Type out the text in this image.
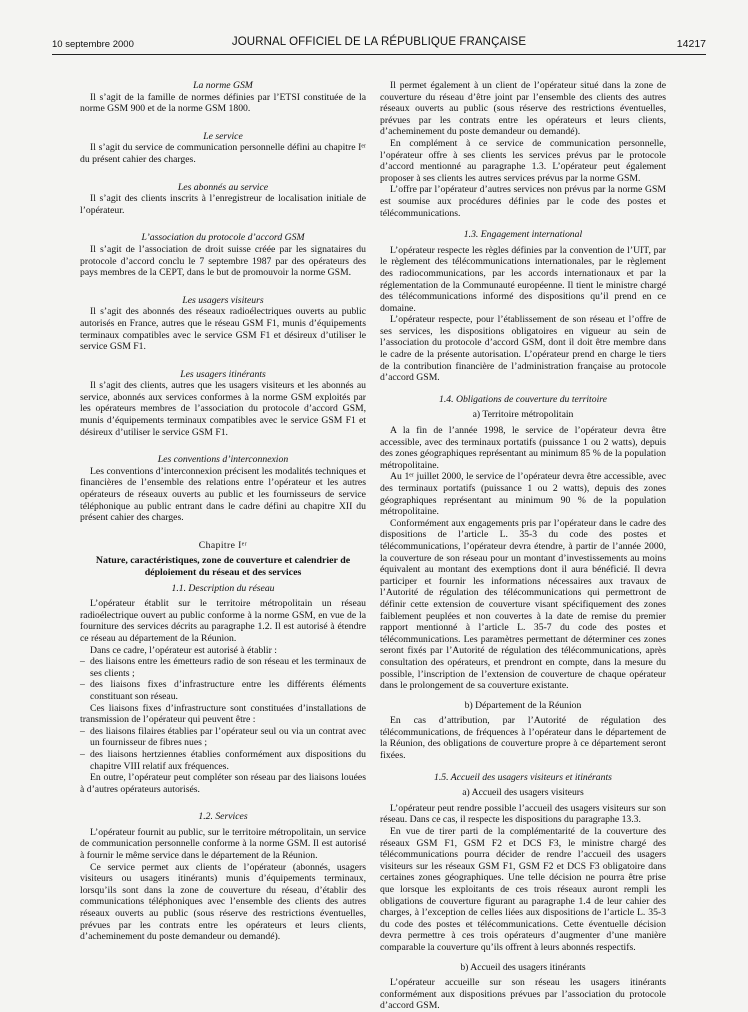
10 septembre 2000	JOURNAL OFFICIEL DE LA RÉPUBLIQUE FRANÇAISE	14217
La norme GSM

Il s’agit de la famille de normes définies par l’ETSI constituée de la norme GSM 900 et de la norme GSM 1800.

Le service

Il s’agit du service de communication personnelle défini au chapitre Iᵉʳ du présent cahier des charges.

Les abonnés au service

Il s’agit des clients inscrits à l’enregistreur de localisation initiale de l’opérateur.

L’association du protocole d’accord GSM

Il s’agit de l’association de droit suisse créée par les signataires du protocole d’accord conclu le 7 septembre 1987 par des opérateurs des pays membres de la CEPT, dans le but de promouvoir la norme GSM.

Les usagers visiteurs

Il s’agit des abonnés des réseaux radioélectriques ouverts au public autorisés en France, autres que le réseau GSM F1, munis d’équipements terminaux compatibles avec le service GSM F1 et désireux d’utiliser le service GSM F1.

Les usagers itinérants

Il s’agit des clients, autres que les usagers visiteurs et les abonnés au service, abonnés aux services conformes à la norme GSM exploités par les opérateurs membres de l’association du protocole d’accord GSM, munis d’équipements terminaux compatibles avec le service GSM F1 et désireux d’utiliser le service GSM F1.

Les conventions d’interconnexion

Les conventions d’interconnexion précisent les modalités techniques et financières de l’ensemble des relations entre l’opérateur et les autres opérateurs de réseaux ouverts au public et les fournisseurs de service téléphonique au public entrant dans le cadre défini au chapitre XII du présent cahier des charges.

Chapitre Iᵉʳ
Nature, caractéristiques, zone de couverture et calendrier de déploiement du réseau et des services
1.1. Description du réseau

L’opérateur établit sur le territoire métropolitain un réseau radioélectrique ouvert au public conforme à la norme GSM, en vue de la fourniture des services décrits au paragraphe 1.2. Il est autorisé à étendre ce réseau au département de la Réunion.

Dans ce cadre, l’opérateur est autorisé à établir :

– des liaisons entre les émetteurs radio de son réseau et les terminaux de ses clients ;
– des liaisons fixes d’infrastructure entre les différents éléments constituant son réseau.

Ces liaisons fixes d’infrastructure sont constituées d’installations de transmission de l’opérateur qui peuvent être :

– des liaisons filaires établies par l’opérateur seul ou via un contrat avec un fournisseur de fibres nues ;
– des liaisons hertziennes établies conformément aux dispositions du chapitre VIII relatif aux fréquences.

En outre, l’opérateur peut compléter son réseau par des liaisons louées à d’autres opérateurs autorisés.

1.2. Services

L’opérateur fournit au public, sur le territoire métropolitain, un service de communication personnelle conforme à la norme GSM. Il est autorisé à fournir le même service dans le département de la Réunion.

Ce service permet aux clients de l’opérateur (abonnés, usagers visiteurs ou usagers itinérants) munis d’équipements terminaux, lorsqu’ils sont dans la zone de couverture du réseau, d’établir des communications téléphoniques avec l’ensemble des clients des autres réseaux ouverts au public (sous réserve des restrictions éventuelles, prévues par les contrats entre les opérateurs et leurs clients, d’acheminement du poste demandeur ou demandé).

Il permet également à un client de l’opérateur situé dans la zone de couverture du réseau d’être joint par l’ensemble des clients des autres réseaux ouverts au public (sous réserve des restrictions éventuelles, prévues par les contrats entre les opérateurs et leurs clients, d’acheminement du poste demandeur ou demandé).

En complément à ce service de communication personnelle, l’opérateur offre à ses clients les services prévus par le protocole d’accord mentionné au paragraphe 1.3. L’opérateur peut également proposer à ses clients les autres services prévus par la norme GSM.

L’offre par l’opérateur d’autres services non prévus par la norme GSM est soumise aux procédures définies par le code des postes et télécommunications.

1.3. Engagement international

L’opérateur respecte les règles définies par la convention de l’UIT, par le règlement des télécommunications internationales, par le règlement des radiocommunications, par les accords internationaux et par la réglementation de la Communauté européenne. Il tient le ministre chargé des télécommunications informé des dispositions qu’il prend en ce domaine.

L’opérateur respecte, pour l’établissement de son réseau et l’offre de ses services, les dispositions obligatoires en vigueur au sein de l’association du protocole d’accord GSM, dont il doit être membre dans le cadre de la présente autorisation. L’opérateur prend en charge le tiers de la contribution financière de l’administration française au protocole d’accord GSM.

1.4. Obligations de couverture du territoire
a) Territoire métropolitain

A la fin de l’année 1998, le service de l’opérateur devra être accessible, avec des terminaux portatifs (puissance 1 ou 2 watts), depuis des zones géographiques représentant au minimum 85 % de la population métropolitaine.

Au 1ᵉʳ juillet 2000, le service de l’opérateur devra être accessible, avec des terminaux portatifs (puissance 1 ou 2 watts), depuis des zones géographiques représentant au minimum 90 % de la population métropolitaine.

Conformément aux engagements pris par l’opérateur dans le cadre des dispositions de l’article L. 35-3 du code des postes et télécommunications, l’opérateur devra étendre, à partir de l’année 2000, la couverture de son réseau pour un montant d’investissements au moins équivalent au montant des exemptions dont il aura bénéficié. Il devra participer et fournir les informations nécessaires aux travaux de l’Autorité de régulation des télécommunications qui permettront de définir cette extension de couverture visant spécifiquement des zones faiblement peuplées et non couvertes à la date de remise du premier rapport mentionné à l’article L. 35-7 du code des postes et télécommunications. Les paramètres permettant de déterminer ces zones seront fixés par l’Autorité de régulation des télécommunications, après consultation des opérateurs, et prendront en compte, dans la mesure du possible, l’inscription de l’extension de couverture de chaque opérateur dans le prolongement de sa couverture existante.

b) Département de la Réunion

En cas d’attribution, par l’Autorité de régulation des télécommunications, de fréquences à l’opérateur dans le département de la Réunion, des obligations de couverture propre à ce département seront fixées.

1.5. Accueil des usagers visiteurs et itinérants
a) Accueil des usagers visiteurs

L’opérateur peut rendre possible l’accueil des usagers visiteurs sur son réseau. Dans ce cas, il respecte les dispositions du paragraphe 13.3.

En vue de tirer parti de la complémentarité de la couverture des réseaux GSM F1, GSM F2 et DCS F3, le ministre chargé des télécommunications pourra décider de rendre l’accueil des usagers visiteurs sur les réseaux GSM F1, GSM F2 et DCS F3 obligatoire dans certaines zones géographiques. Une telle décision ne pourra être prise que lorsque les exploitants de ces trois réseaux auront rempli les obligations de couverture figurant au paragraphe 1.4 de leur cahier des charges, à l’exception de celles liées aux dispositions de l’article L. 35-3 du code des postes et télécommunications. Cette éventuelle décision devra permettre à ces trois opérateurs d’augmenter d’une manière comparable la couverture qu’ils offrent à leurs abonnés respectifs.

b) Accueil des usagers itinérants

L’opérateur accueille sur son réseau les usagers itinérants conformément aux dispositions prévues par l’association du protocole d’accord GSM.
